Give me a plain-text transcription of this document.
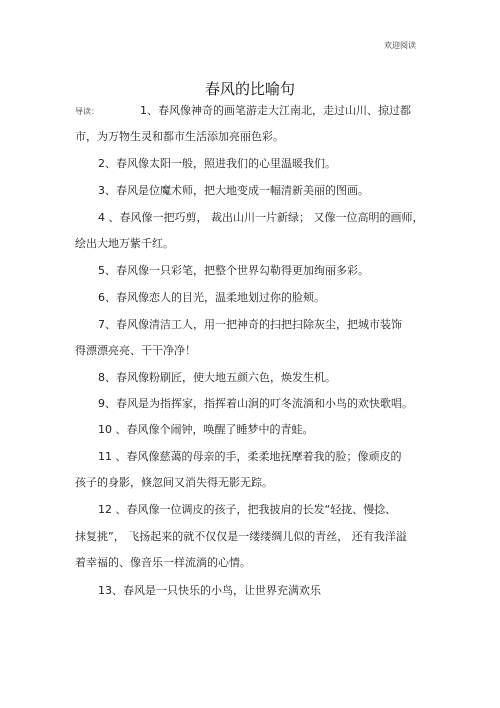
欢迎阅读
春风的比喻句
导读：	1、春风像神奇的画笔游走大江南北，走过山川、掠过都
市，为万物生灵和都市生活添加亮丽色彩。
2、春风像太阳一般，照进我们的心里温暖我们。
3、春风是位魔术师，把大地变成一幅清新美丽的图画。
4 、春风像一把巧剪， 裁出山川一片新绿； 又像一位高明的画师，
绘出大地万紫千红。
5、春风像一只彩笔，把整个世界勾勒得更加绚丽多彩。
6、春风像恋人的目光，温柔地划过你的脸颊。
7、春风像清洁工人，用一把神奇的扫把扫除灰尘，把城市装饰
得漂漂亮亮、干干净净！
8、春风像粉刷匠，使大地五颜六色，焕发生机。
9、春风是为指挥家，指挥着山涧的叮冬流淌和小鸟的欢快歌唱。
10 、春风像个闹钟，唤醒了睡梦中的青蛙。
11 、春风像慈蔼的母亲的手，柔柔地抚摩着我的脸；像顽皮的
孩子的身影，倏忽间又消失得无影无踪。
12 、春风像一位调皮的孩子，把我披肩的长发“轻拢、慢捻、
抹复挑”， 飞扬起来的就不仅仅是一缕缕绸儿似的青丝， 还有我洋溢
着幸福的、像音乐一样流淌的心情。
13、春风是一只快乐的小鸟，让世界充满欢乐
